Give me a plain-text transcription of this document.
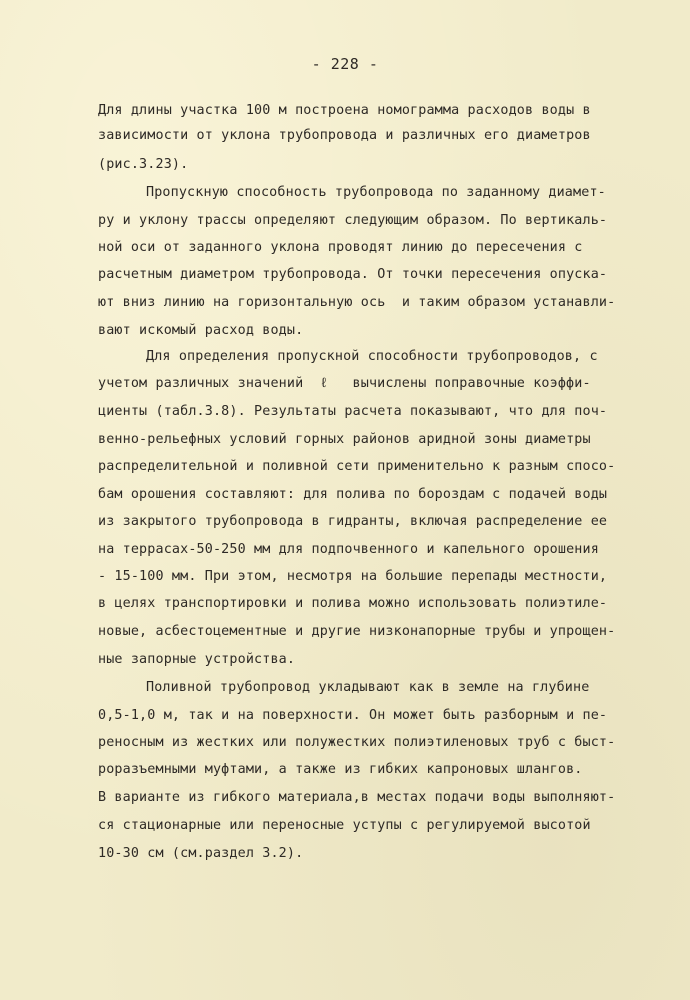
- 228 -
Для длины участка 100 м построена номограмма расходов воды в
зависимости от уклона трубопровода и различных его диаметров
(рис.3.23).
Пропускную способность трубопровода по заданному диамет-
ру и уклону трассы определяют следующим образом. По вертикаль-
ной оси от заданного уклона проводят линию до пересечения с
расчетным диаметром трубопровода. От точки пересечения опуска-
ют вниз линию на горизонтальную ось  и таким образом устанавли-
вают искомый расход воды.
Для определения пропускной способности трубопроводов, с
учетом различных значений  ℓ   вычислены поправочные коэффи-
циенты (табл.3.8). Результаты расчета показывают, что для поч-
венно-рельефных условий горных районов аридной зоны диаметры
распределительной и поливной сети применительно к разным спосо-
бам орошения составляют: для полива по бороздам с подачей воды
из закрытого трубопровода в гидранты, включая распределение ее
на террасах-50-250 мм для подпочвенного и капельного орошения
- 15-100 мм. При этом, несмотря на большие перепады местности,
в целях транспортировки и полива можно использовать полиэтиле-
новые, асбестоцементные и другие низконапорные трубы и упрощен-
ные запорные устройства.
Поливной трубопровод укладывают как в земле на глубине
0,5-1,0 м, так и на поверхности. Он может быть разборным и пе-
реносным из жестких или полужестких полиэтиленовых труб с быст-
роразъемными муфтами, а также из гибких капроновых шлангов.
В варианте из гибкого материала,в местах подачи воды выполняют-
ся стационарные или переносные уступы с регулируемой высотой
10-30 см (см.раздел 3.2).
